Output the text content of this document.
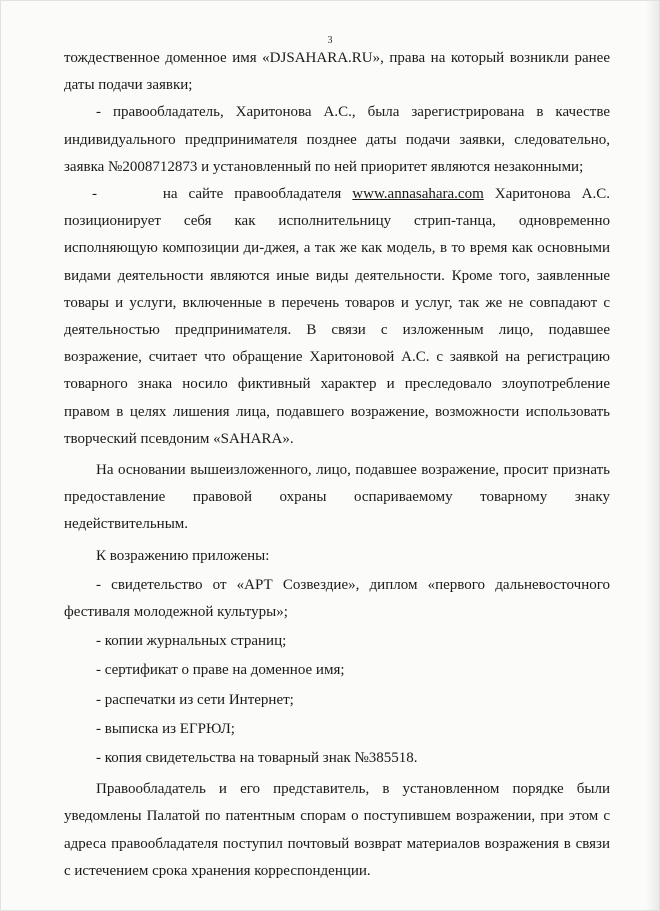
3

тождественное доменное имя «DJSAHARA.RU», права на который возникли ранее даты подачи заявки;

- правообладатель, Харитонова А.С., была зарегистрирована в качестве индивидуального предпринимателя позднее даты подачи заявки, следовательно, заявка №2008712873 и установленный по ней приоритет являются незаконными;

-      на сайте правообладателя www.annasahara.com Харитонова А.С. позиционирует себя как исполнительницу стрип-танца, одновременно исполняющую композиции ди-джея, а так же как модель, в то время как основными видами деятельности являются иные виды деятельности. Кроме того, заявленные товары и услуги, включенные в перечень товаров и услуг, так же не совпадают с деятельностью предпринимателя. В связи с изложенным лицо, подавшее возражение, считает что обращение Харитоновой А.С. с заявкой на регистрацию товарного знака носило фиктивный характер и преследовало злоупотребление правом в целях лишения лица, подавшего возражение, возможности использовать творческий псевдоним «SAHARA».

На основании вышеизложенного, лицо, подавшее возражение, просит признать предоставление правовой охраны оспариваемому товарному знаку недействительным.

К возражению приложены:

- свидетельство от «АРТ Созвездие», диплом «первого дальневосточного фестиваля молодежной культуры»;

- копии журнальных страниц;

- сертификат о праве на доменное имя;

- распечатки из сети Интернет;

- выписка из ЕГРЮЛ;

- копия свидетельства на товарный знак №385518.

Правообладатель и его представитель, в установленном порядке были уведомлены Палатой по патентным спорам о поступившем возражении, при этом с адреса правообладателя поступил почтовый возврат материалов возражения в связи с истечением срока хранения корреспонденции.
